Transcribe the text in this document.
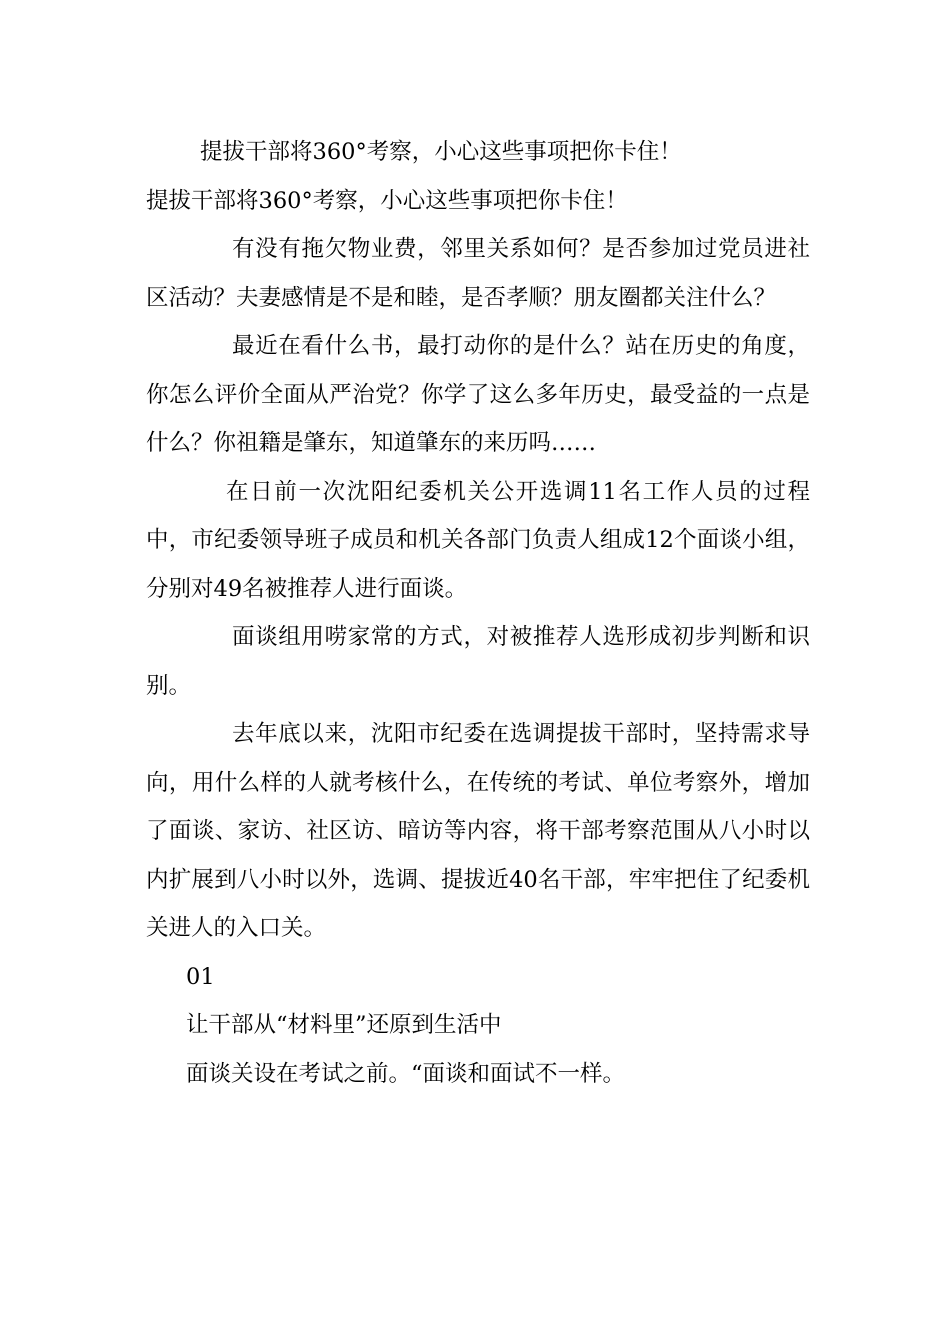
提拔干部将360°考察，小心这些事项把你卡住！

提拔干部将360°考察，小心这些事项把你卡住！

有没有拖欠物业费，邻里关系如何？是否参加过党员进社区活动？夫妻感情是不是和睦，是否孝顺？朋友圈都关注什么？

最近在看什么书，最打动你的是什么？站在历史的角度，你怎么评价全面从严治党？你学了这么多年历史，最受益的一点是什么？你祖籍是肇东，知道肇东的来历吗……

在日前一次沈阳纪委机关公开选调11名工作人员的过程中，市纪委领导班子成员和机关各部门负责人组成12个面谈小组，分别对49名被推荐人进行面谈。

面谈组用唠家常的方式，对被推荐人选形成初步判断和识别。

去年底以来，沈阳市纪委在选调提拔干部时，坚持需求导向，用什么样的人就考核什么，在传统的考试、单位考察外，增加了面谈、家访、社区访、暗访等内容，将干部考察范围从八小时以内扩展到八小时以外，选调、提拔近40名干部，牢牢把住了纪委机关进人的入口关。

01

让干部从“材料里”还原到生活中

面谈关设在考试之前。“面谈和面试不一样。
